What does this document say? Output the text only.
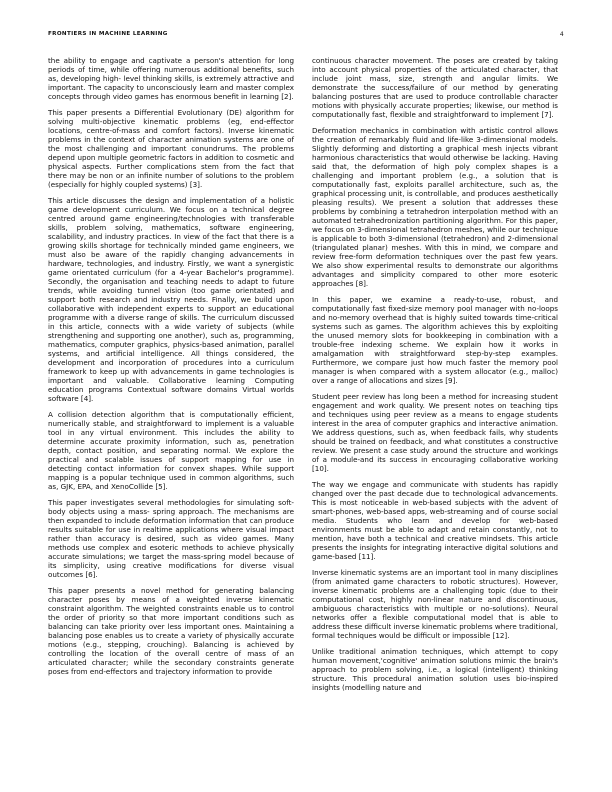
FRONTIERS IN MACHINE LEARNING	4

the ability to engage and captivate a person's attention for long periods of time, while offering numerous additional benefits, such as, developing high- level thinking skills, is extremely attractive and important. The capacity to unconsciously learn and master complex concepts through video games has enormous benefit in learning [2].

This paper presents a Differential Evolutionary (DE) algorithm for solving multi-objective kinematic problems (eg, end-effector locations, centre-of-mass and comfort factors). Inverse kinematic problems in the context of character animation systems are one of the most challenging and important conundrums. The problems depend upon multiple geometric factors in addition to cosmetic and physical aspects. Further complications stem from the fact that there may be non or an infinite number of solutions to the problem (especially for highly coupled systems) [3].

This article discusses the design and implementation of a holistic game development curriculum. We focus on a technical degree centred around game engineering/technologies with transferable skills, problem solving, mathematics, software engineering, scalability, and industry practices. In view of the fact that there is a growing skills shortage for technically minded game engineers, we must also be aware of the rapidly changing advancements in hardware, technologies, and industry. Firstly, we want a synergistic game orientated curriculum (for a 4-year Bachelor's programme). Secondly, the organisation and teaching needs to adapt to future trends, while avoiding tunnel vision (too game orientated) and support both research and industry needs. Finally, we build upon collaborative with independent experts to support an educational programme with a diverse range of skills. The curriculum discussed in this article, connects with a wide variety of subjects (while strengthening and supporting one another), such as, programming, mathematics, computer graphics, physics-based animation, parallel systems, and artificial intelligence. All things considered, the development and incorporation of procedures into a curriculum framework to keep up with advancements in game technologies is important and valuable. Collaborative learning Computing education programs Contextual software domains Virtual worlds software [4].

A collision detection algorithm that is computationally efficient, numerically stable, and straightforward to implement is a valuable tool in any virtual environment. This includes the ability to determine accurate proximity information, such as, penetration depth, contact position, and separating normal. We explore the practical and scalable issues of support mapping for use in detecting contact information for convex shapes. While support mapping is a popular technique used in common algorithms, such as, GJK, EPA, and XenoCollide [5].

This paper investigates several methodologies for simulating soft-body objects using a mass- spring approach. The mechanisms are then expanded to include deformation information that can produce results suitable for use in realtime applications where visual impact rather than accuracy is desired, such as video games. Many methods use complex and esoteric methods to achieve physically accurate simulations; we target the mass-spring model because of its simplicity, using creative modifications for diverse visual outcomes [6].

This paper presents a novel method for generating balancing character poses by means of a weighted inverse kinematic constraint algorithm. The weighted constraints enable us to control the order of priority so that more important conditions such as balancing can take priority over less important ones. Maintaining a balancing pose enables us to create a variety of physically accurate motions (e.g., stepping, crouching). Balancing is achieved by controlling the location of the overall centre of mass of an articulated character; while the secondary constraints generate poses from end-effectors and trajectory information to provide

continuous character movement. The poses are created by taking into account physical properties of the articulated character, that include joint mass, size, strength and angular limits. We demonstrate the success/failure of our method by generating balancing postures that are used to produce controllable character motions with physically accurate properties; likewise, our method is computationally fast, flexible and straightforward to implement [7].

Deformation mechanics in combination with artistic control allows the creation of remarkably fluid and life-like 3-dimensional models. Slightly deforming and distorting a graphical mesh injects vibrant harmonious characteristics that would otherwise be lacking. Having said that, the deformation of high poly complex shapes is a challenging and important problem (e.g., a solution that is computationally fast, exploits parallel architecture, such as, the graphical processing unit, is controllable, and produces aesthetically pleasing results). We present a solution that addresses these problems by combining a tetrahedron interpolation method with an automated tetrahedronization partitioning algorithm. For this paper, we focus on 3-dimensional tetrahedron meshes, while our technique is applicable to both 3-dimensional (tetrahedron) and 2-dimensional (triangulated planar) meshes. With this in mind, we compare and review free-form deformation techniques over the past few years. We also show experimental results to demonstrate our algorithms advantages and simplicity compared to other more esoteric approaches [8].

In this paper, we examine a ready-to-use, robust, and computationally fast fixed-size memory pool manager with no-loops and no-memory overhead that is highly suited towards time-critical systems such as games. The algorithm achieves this by exploiting the unused memory slots for bookkeeping in combination with a trouble-free indexing scheme. We explain how it works in amalgamation with straightforward step-by-step examples. Furthermore, we compare just how much faster the memory pool manager is when compared with a system allocator (e.g., malloc) over a range of allocations and sizes [9].

Student peer review has long been a method for increasing student engagement and work quality. We present notes on teaching tips and techniques using peer review as a means to engage students interest in the area of computer graphics and interactive animation. We address questions, such as, when feedback fails, why students should be trained on feedback, and what constitutes a constructive review. We present a case study around the structure and workings of a module-and its success in encouraging collaborative working [10].

The way we engage and communicate with students has rapidly changed over the past decade due to technological advancements. This is most noticeable in web-based subjects with the advent of smart-phones, web-based apps, web-streaming and of course social media. Students who learn and develop for web-based environments must be able to adapt and retain constantly, not to mention, have both a technical and creative mindsets. This article presents the insights for integrating interactive digital solutions and game-based [11].

Inverse kinematic systems are an important tool in many disciplines (from animated game characters to robotic structures). However, inverse kinematic problems are a challenging topic (due to their computational cost, highly non-linear nature and discontinuous, ambiguous characteristics with multiple or no-solutions). Neural networks offer a flexible computational model that is able to address these difficult inverse kinematic problems where traditional, formal techniques would be difficult or impossible [12].

Unlike traditional animation techniques, which attempt to copy human movement,'cognitive' animation solutions mimic the brain's approach to problem solving, i.e., a logical (intelligent) thinking structure. This procedural animation solution uses bio-inspired insights (modelling nature and
